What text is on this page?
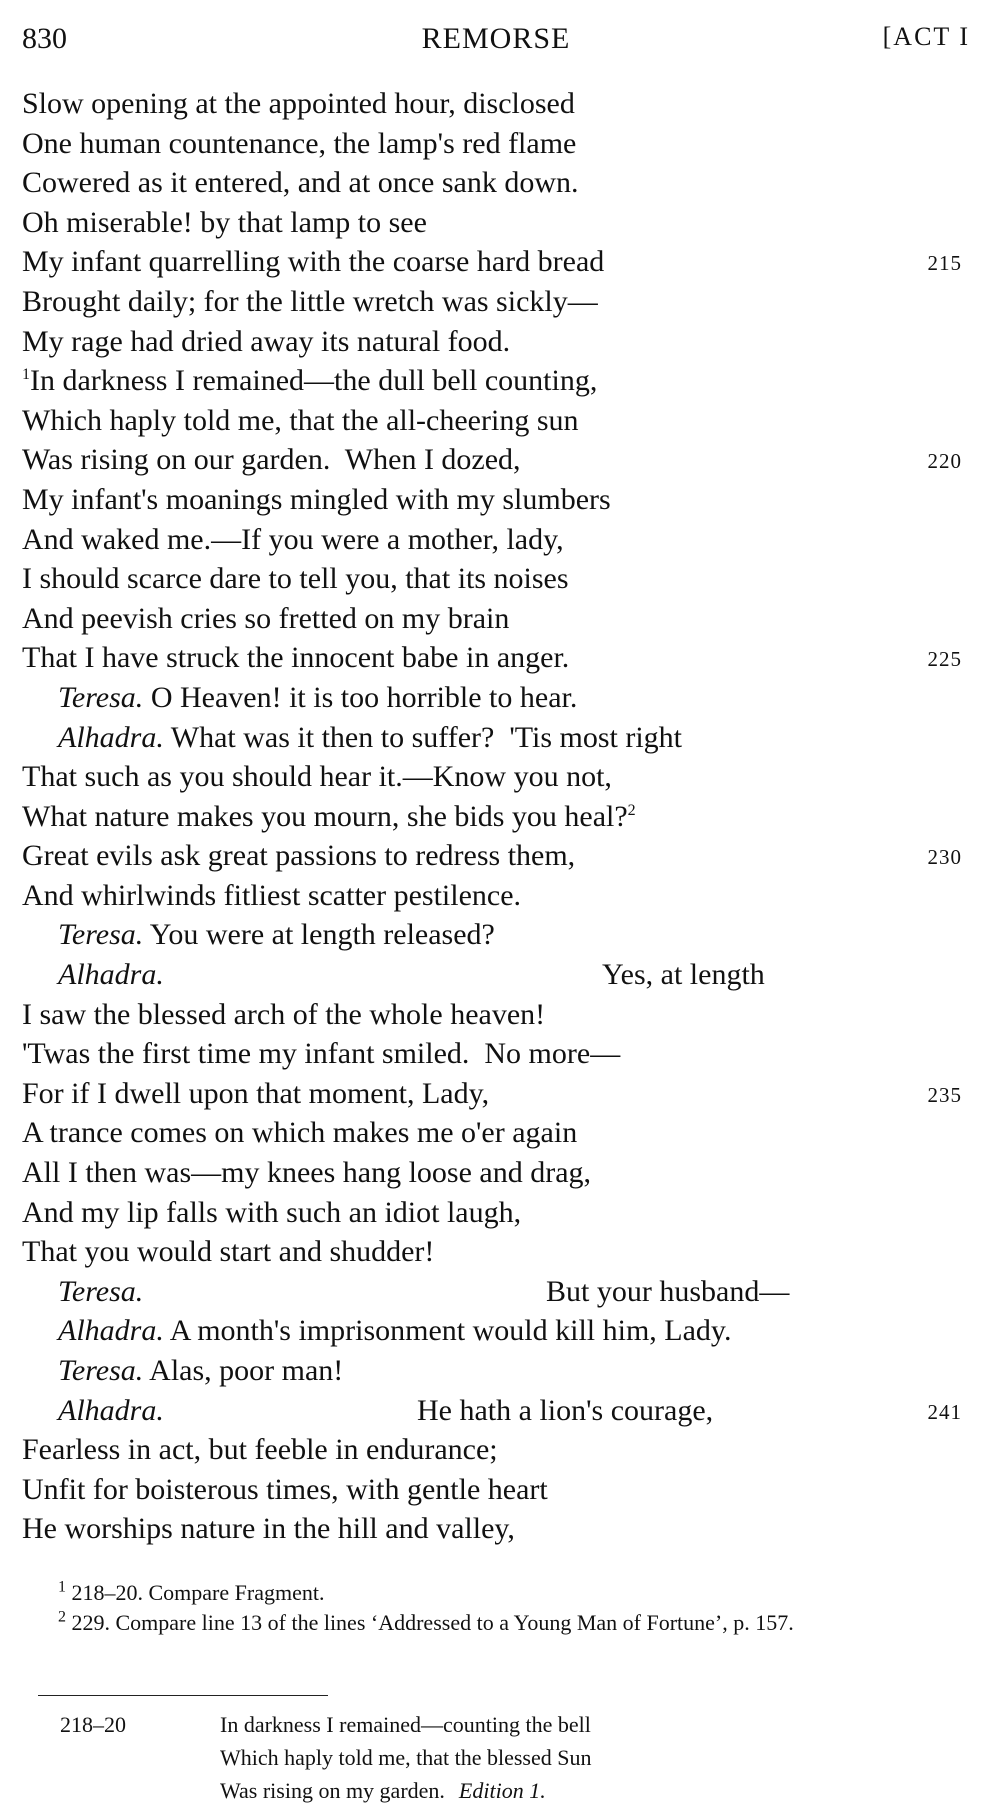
830	REMORSE	[ACT I
Slow opening at the appointed hour, disclosed
One human countenance, the lamp's red flame
Cowered as it entered, and at once sank down.
Oh miserable! by that lamp to see
My infant quarrelling with the coarse hard bread	215
Brought daily; for the little wretch was sickly—
My rage had dried away its natural food.
$^1$In darkness I remained—the dull bell counting,
Which haply told me, that the all-cheering sun
Was rising on our garden.  When I dozed,	220
My infant's moanings mingled with my slumbers
And waked me.—If you were a mother, lady,
I should scarce dare to tell you, that its noises
And peevish cries so fretted on my brain
That I have struck the innocent babe in anger.	225
Teresa. O Heaven! it is too horrible to hear.
Alhadra. What was it then to suffer?  'Tis most right
That such as you should hear it.—Know you not,
What nature makes you mourn, she bids you heal?$^2$
Great evils ask great passions to redress them,	230
And whirlwinds fitliest scatter pestilence.
Teresa. You were at length released?
Alhadra.	Yes, at length
I saw the blessed arch of the whole heaven!
'Twas the first time my infant smiled.  No more—
For if I dwell upon that moment, Lady,	235
A trance comes on which makes me o'er again
All I then was—my knees hang loose and drag,
And my lip falls with such an idiot laugh,
That you would start and shudder!
Teresa.	But your husband—
Alhadra. A month's imprisonment would kill him, Lady.
Teresa. Alas, poor man!
Alhadra.	He hath a lion's courage,	241
Fearless in act, but feeble in endurance;
Unfit for boisterous times, with gentle heart
He worships nature in the hill and valley,

$^1$ 218–20. Compare Fragment.

$^2$ 229. Compare line 13 of the lines ‘Addressed to a Young Man of Fortune’, p. 157.

218–20	In darkness I remained—counting the bell
Which haply told me, that the blessed Sun
Was rising on my garden. Edition 1.
